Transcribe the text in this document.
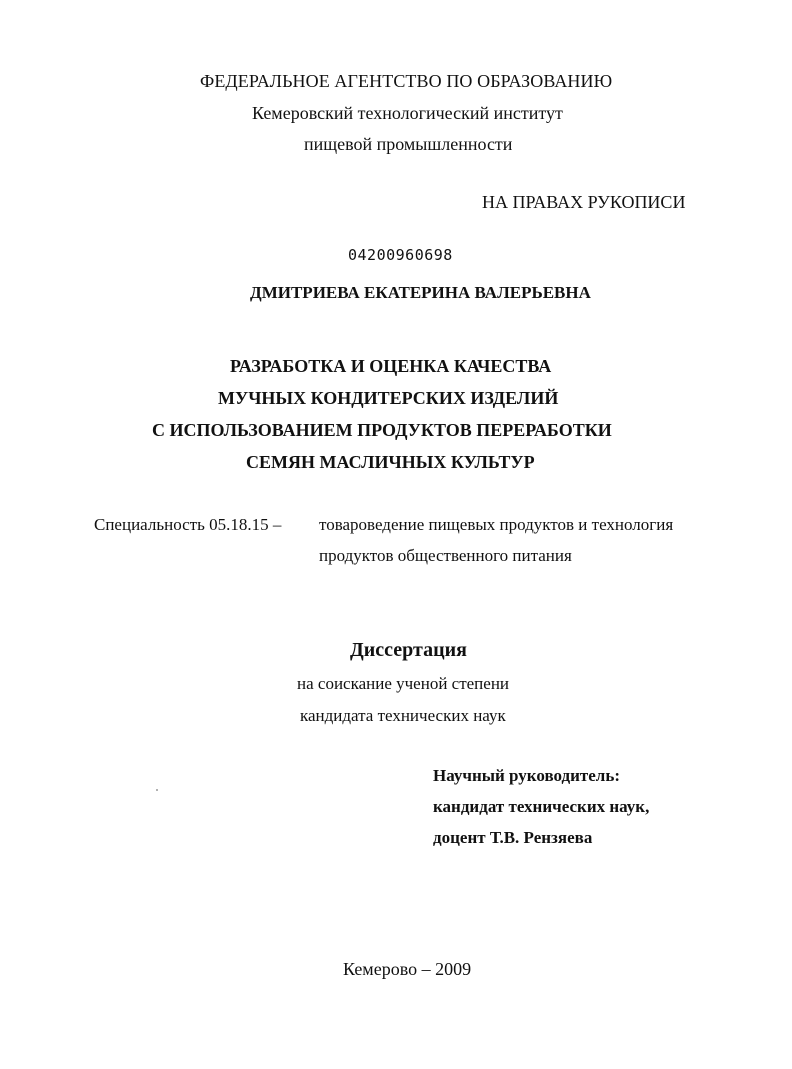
ФЕДЕРАЛЬНОЕ АГЕНТСТВО ПО ОБРАЗОВАНИЮ
Кемеровский технологический институт
пищевой промышленности
НА ПРАВАХ РУКОПИСИ
04200960698
ДМИТРИЕВА ЕКАТЕРИНА ВАЛЕРЬЕВНА
РАЗРАБОТКА И ОЦЕНКА КАЧЕСТВА
МУЧНЫХ КОНДИТЕРСКИХ ИЗДЕЛИЙ
С ИСПОЛЬЗОВАНИЕМ ПРОДУКТОВ ПЕРЕРАБОТКИ
СЕМЯН МАСЛИЧНЫХ КУЛЬТУР
Специальность 05.18.15 – товароведение пищевых продуктов и технология
продуктов общественного питания
Диссертация
на соискание ученой степени
кандидата технических наук
Научный руководитель:
кандидат технических наук,
доцент Т.В. Рензяева
Кемерово – 2009
